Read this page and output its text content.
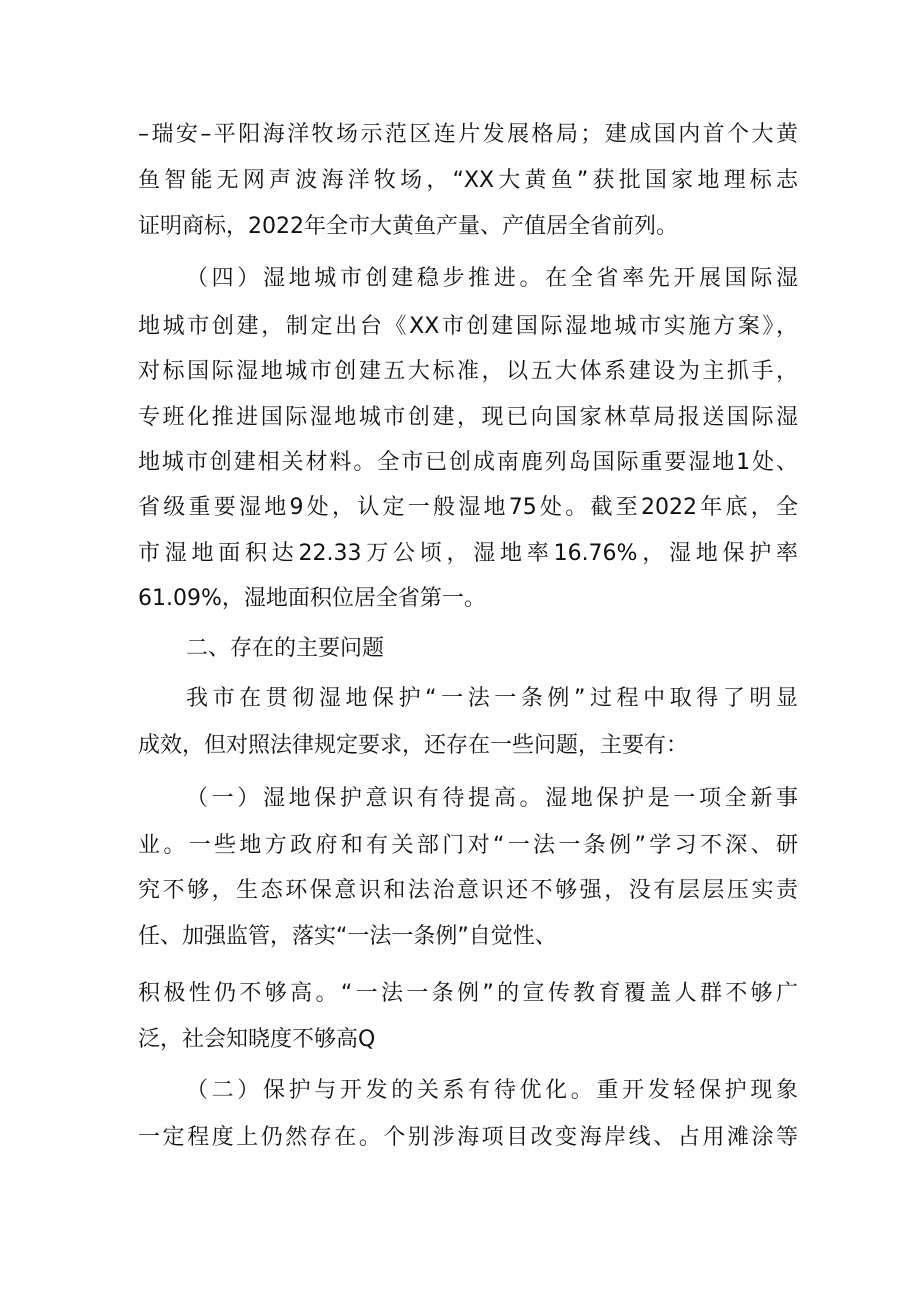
–瑞安–平阳海洋牧场示范区连片发展格局；建成国内首个大黄
鱼智能无网声波海洋牧场，“XX大黄鱼”获批国家地理标志
证明商标，2022年全市大黄鱼产量、产值居全省前列。
（四）湿地城市创建稳步推进。在全省率先开展国际湿
地城市创建，制定出台《XX市创建国际湿地城市实施方案》，
对标国际湿地城市创建五大标准，以五大体系建设为主抓手，
专班化推进国际湿地城市创建，现已向国家林草局报送国际湿
地城市创建相关材料。全市已创成南鹿列岛国际重要湿地1处、
省级重要湿地9处，认定一般湿地75处。截至2022年底，全
市湿地面积达22.33万公顷，湿地率16.76%，湿地保护率
61.09%，湿地面积位居全省第一。
二、存在的主要问题
我市在贯彻湿地保护“一法一条例”过程中取得了明显
成效，但对照法律规定要求，还存在一些问题，主要有：
（一）湿地保护意识有待提高。湿地保护是一项全新事
业。一些地方政府和有关部门对“一法一条例”学习不深、研
究不够，生态环保意识和法治意识还不够强，没有层层压实责
任、加强监管，落实“一法一条例”自觉性、
积极性仍不够高。“一法一条例”的宣传教育覆盖人群不够广
泛，社会知晓度不够高Q
（二）保护与开发的关系有待优化。重开发轻保护现象
一定程度上仍然存在。个别涉海项目改变海岸线、占用滩涂等
